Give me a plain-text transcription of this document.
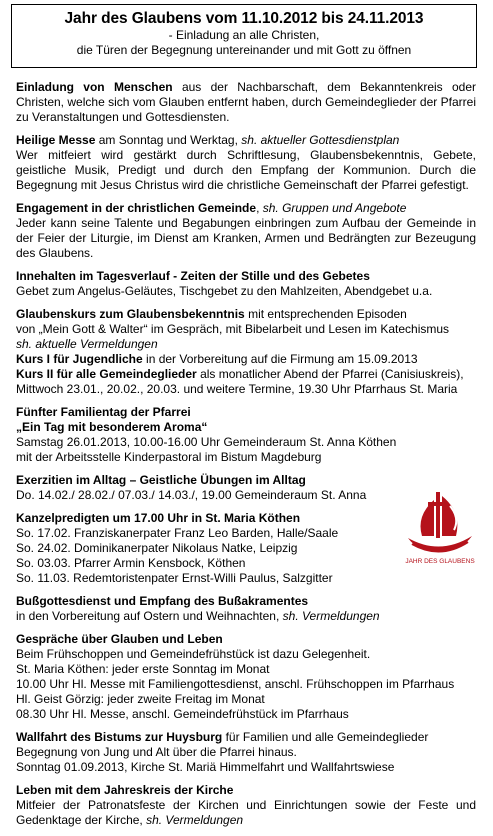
Jahr des Glaubens vom 11.10.2012 bis 24.11.2013
- Einladung an alle Christen,
die Türen der Begegnung untereinander und mit Gott zu öffnen
Einladung von Menschen aus der Nachbarschaft, dem Bekanntenkreis oder Christen, welche sich vom Glauben entfernt haben, durch Gemeindeglieder der Pfarrei zu Veranstaltungen und Gottesdiensten.
Heilige Messe am Sonntag und Werktag, sh. aktueller Gottesdienstplan
Wer mitfeiert wird gestärkt durch Schriftlesung, Glaubensbekenntnis, Gebete, geistliche Musik, Predigt und durch den Empfang der Kommunion. Durch die Begegnung mit Jesus Christus wird die christliche Gemeinschaft der Pfarrei gefestigt.
Engagement in der christlichen Gemeinde, sh. Gruppen und Angebote
Jeder kann seine Talente und Begabungen einbringen zum Aufbau der Gemeinde in der Feier der Liturgie, im Dienst am Kranken, Armen und Bedrängten zur Bezeugung des Glaubens.
Innehalten im Tagesverlauf - Zeiten der Stille und des Gebetes
Gebet zum Angelus-Geläutes, Tischgebet zu den Mahlzeiten, Abendgebet u.a.
Glaubenskurs zum Glaubensbekenntnis mit entsprechenden Episoden
von „Mein Gott & Walter“ im Gespräch, mit Bibelarbeit und Lesen im Katechismus
sh. aktuelle Vermeldungen
Kurs I für Jugendliche in der Vorbereitung auf die Firmung am 15.09.2013
Kurs II für alle Gemeindeglieder als monatlicher Abend der Pfarrei (Canisiuskreis),
Mittwoch 23.01., 20.02., 20.03. und weitere Termine, 19.30 Uhr Pfarrhaus St. Maria
Fünfter Familientag der Pfarrei
„Ein Tag mit besonderem Aroma“
Samstag 26.01.2013, 10.00-16.00 Uhr Gemeinderaum St. Anna Köthen
mit der Arbeitsstelle Kinderpastoral im Bistum Magdeburg
Exerzitien im Alltag – Geistliche Übungen im Alltag
Do. 14.02./ 28.02./ 07.03./ 14.03./, 19.00 Gemeinderaum St. Anna
Kanzelpredigten um 17.00 Uhr in St. Maria Köthen
So. 17.02. Franziskanerpater Franz Leo Barden, Halle/Saale
So. 24.02. Dominikanerpater Nikolaus Natke, Leipzig
So. 03.03. Pfarrer Armin Kensbock, Köthen
So. 11.03. Redemtoristenpater Ernst-Willi Paulus, Salzgitter
Bußgottesdienst und Empfang des Bußakramentes
in den Vorbereitung auf Ostern und Weihnachten, sh. Vermeldungen
Gespräche über Glauben und Leben
Beim Frühschoppen und Gemeindefrühstück ist dazu Gelegenheit.
St. Maria Köthen: jeder erste Sonntag im Monat
10.00 Uhr Hl. Messe mit Familiengottesdienst, anschl. Frühschoppen im Pfarrhaus
Hl. Geist Görzig: jeder zweite Freitag im Monat
08.30 Uhr Hl. Messe, anschl. Gemeindefrühstück im Pfarrhaus
Wallfahrt des Bistums zur Huysburg für Familien und alle Gemeindeglieder
Begegnung von Jung und Alt über die Pfarrei hinaus.
Sonntag 01.09.2013, Kirche St. Mariä Himmelfahrt und Wallfahrtswiese
Leben mit dem Jahreskreis der Kirche
Mitfeier der Patronatsfeste der Kirchen und Einrichtungen sowie der Feste und Gedenktage der Kirche, sh. Vermeldungen
JAHR DES GLAUBENS
